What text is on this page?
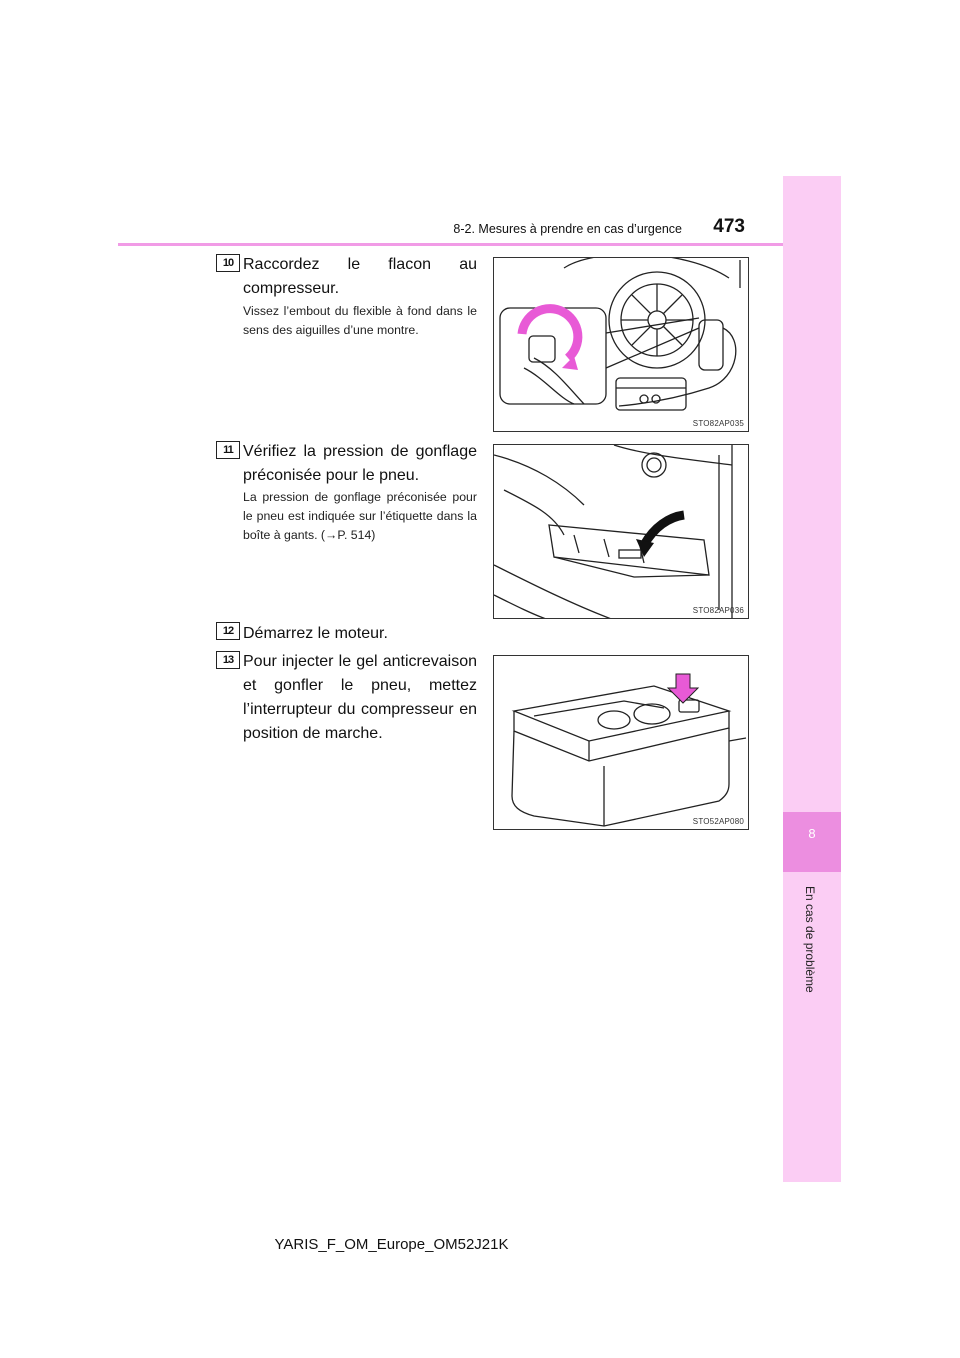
8-2. Mesures à prendre en cas d’urgence	473
8
En cas de problème
10 Raccordez le flacon au compresseur.
Vissez l’embout du flexible à fond dans le sens des aiguilles d’une montre.
STO82AP035
11 Vérifiez la pression de gonflage préconisée pour le pneu.
La pression de gonflage préconisée pour le pneu est indiquée sur l’étiquette dans la boîte à gants. (→P. 514)
STO82AP036
12 Démarrez le moteur.
13 Pour injecter le gel anticrevaison et gonfler le pneu, mettez l’interrupteur du compresseur en position de marche.
STO52AP080
YARIS_F_OM_Europe_OM52J21K
